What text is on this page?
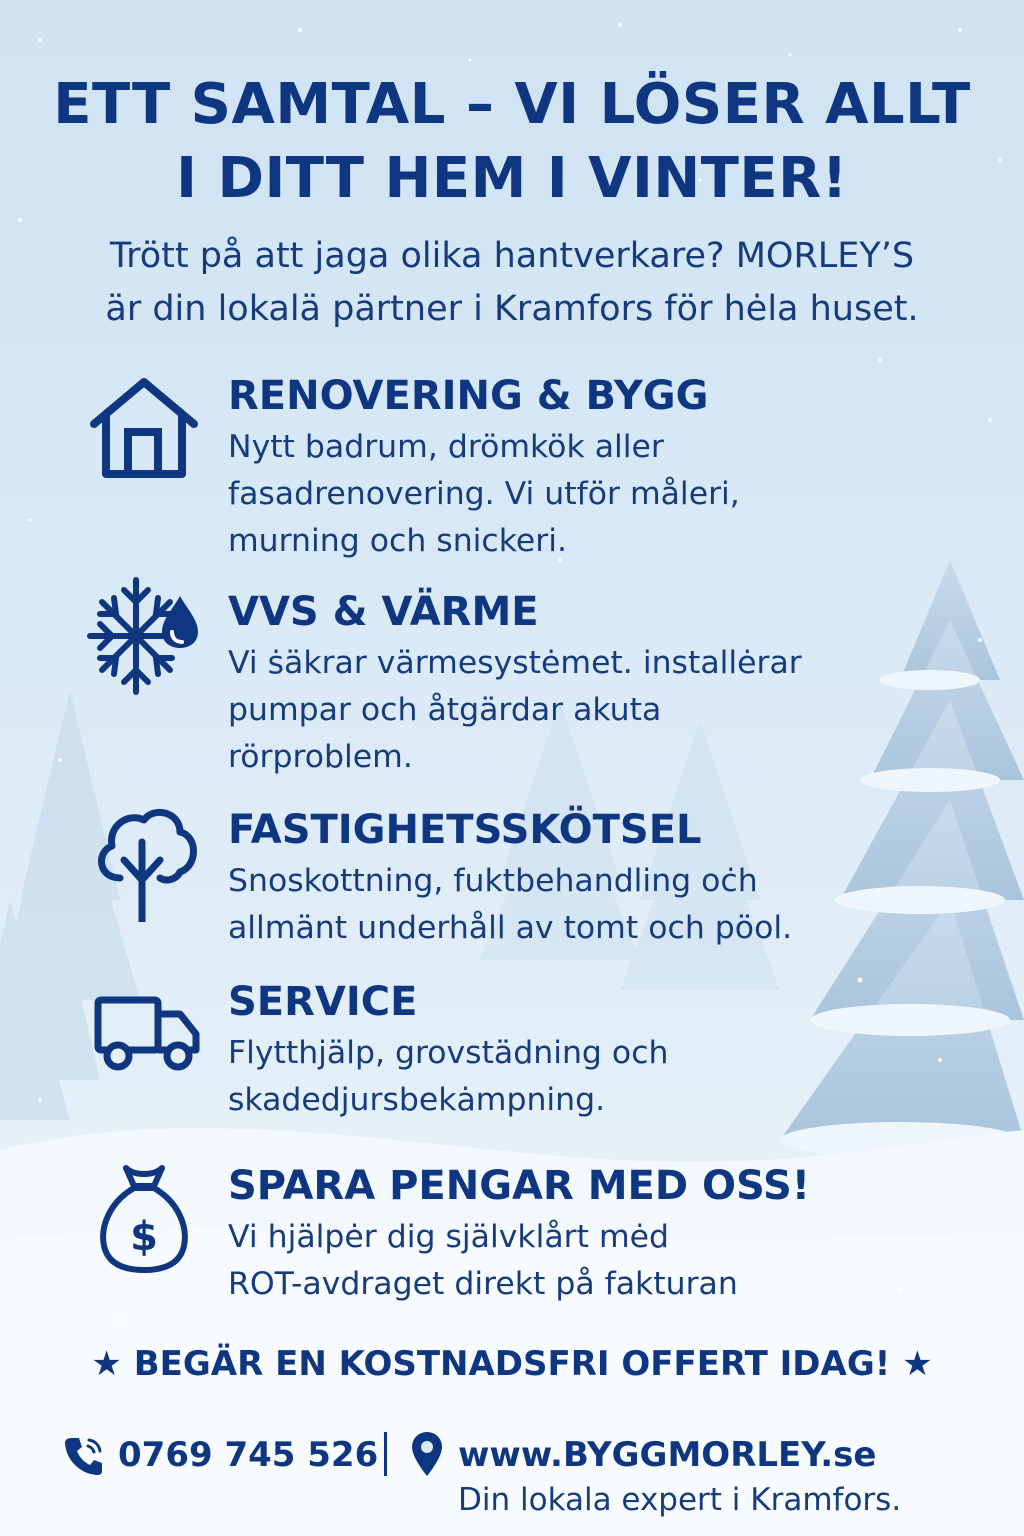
ETT SAMTAL – VI LÖSER ALLT
I DITT HEM I VINTER!

Trött på att jaga olika hantverkare? MORLEY’S
är din lokalä pärtner i Kramfors för hėla huset.

RENOVERING & BYGG

Nytt badrum, drömkök aller
fasadrenovering. Vi utför måleri,
murning och snickeri.

VVS & VÄRME

Vi ṡäkrar värmesystėmet. installėrar
pumpar och åtgärdar akuta
rörproblem.

FASTIGHETSSKÖTSEL

Snoskottning, fuktbehandling oċh
allmänt underhåll av tomt och pöol.

SERVICE

Flytthjälp, grovstädning och
skadedjursbekȧmpning.

$
SPARA PENGAR MED OSS!

Vi hjälpėr dig självklårt mėd
ROT-avdraget direkt på fakturan

★ BEGÄR EN KOSTNADSFRI OFFERT IDAG! ★

0769 745 526 www.BYGGMORLEY.se
Din lokala expert i Kramfors.
